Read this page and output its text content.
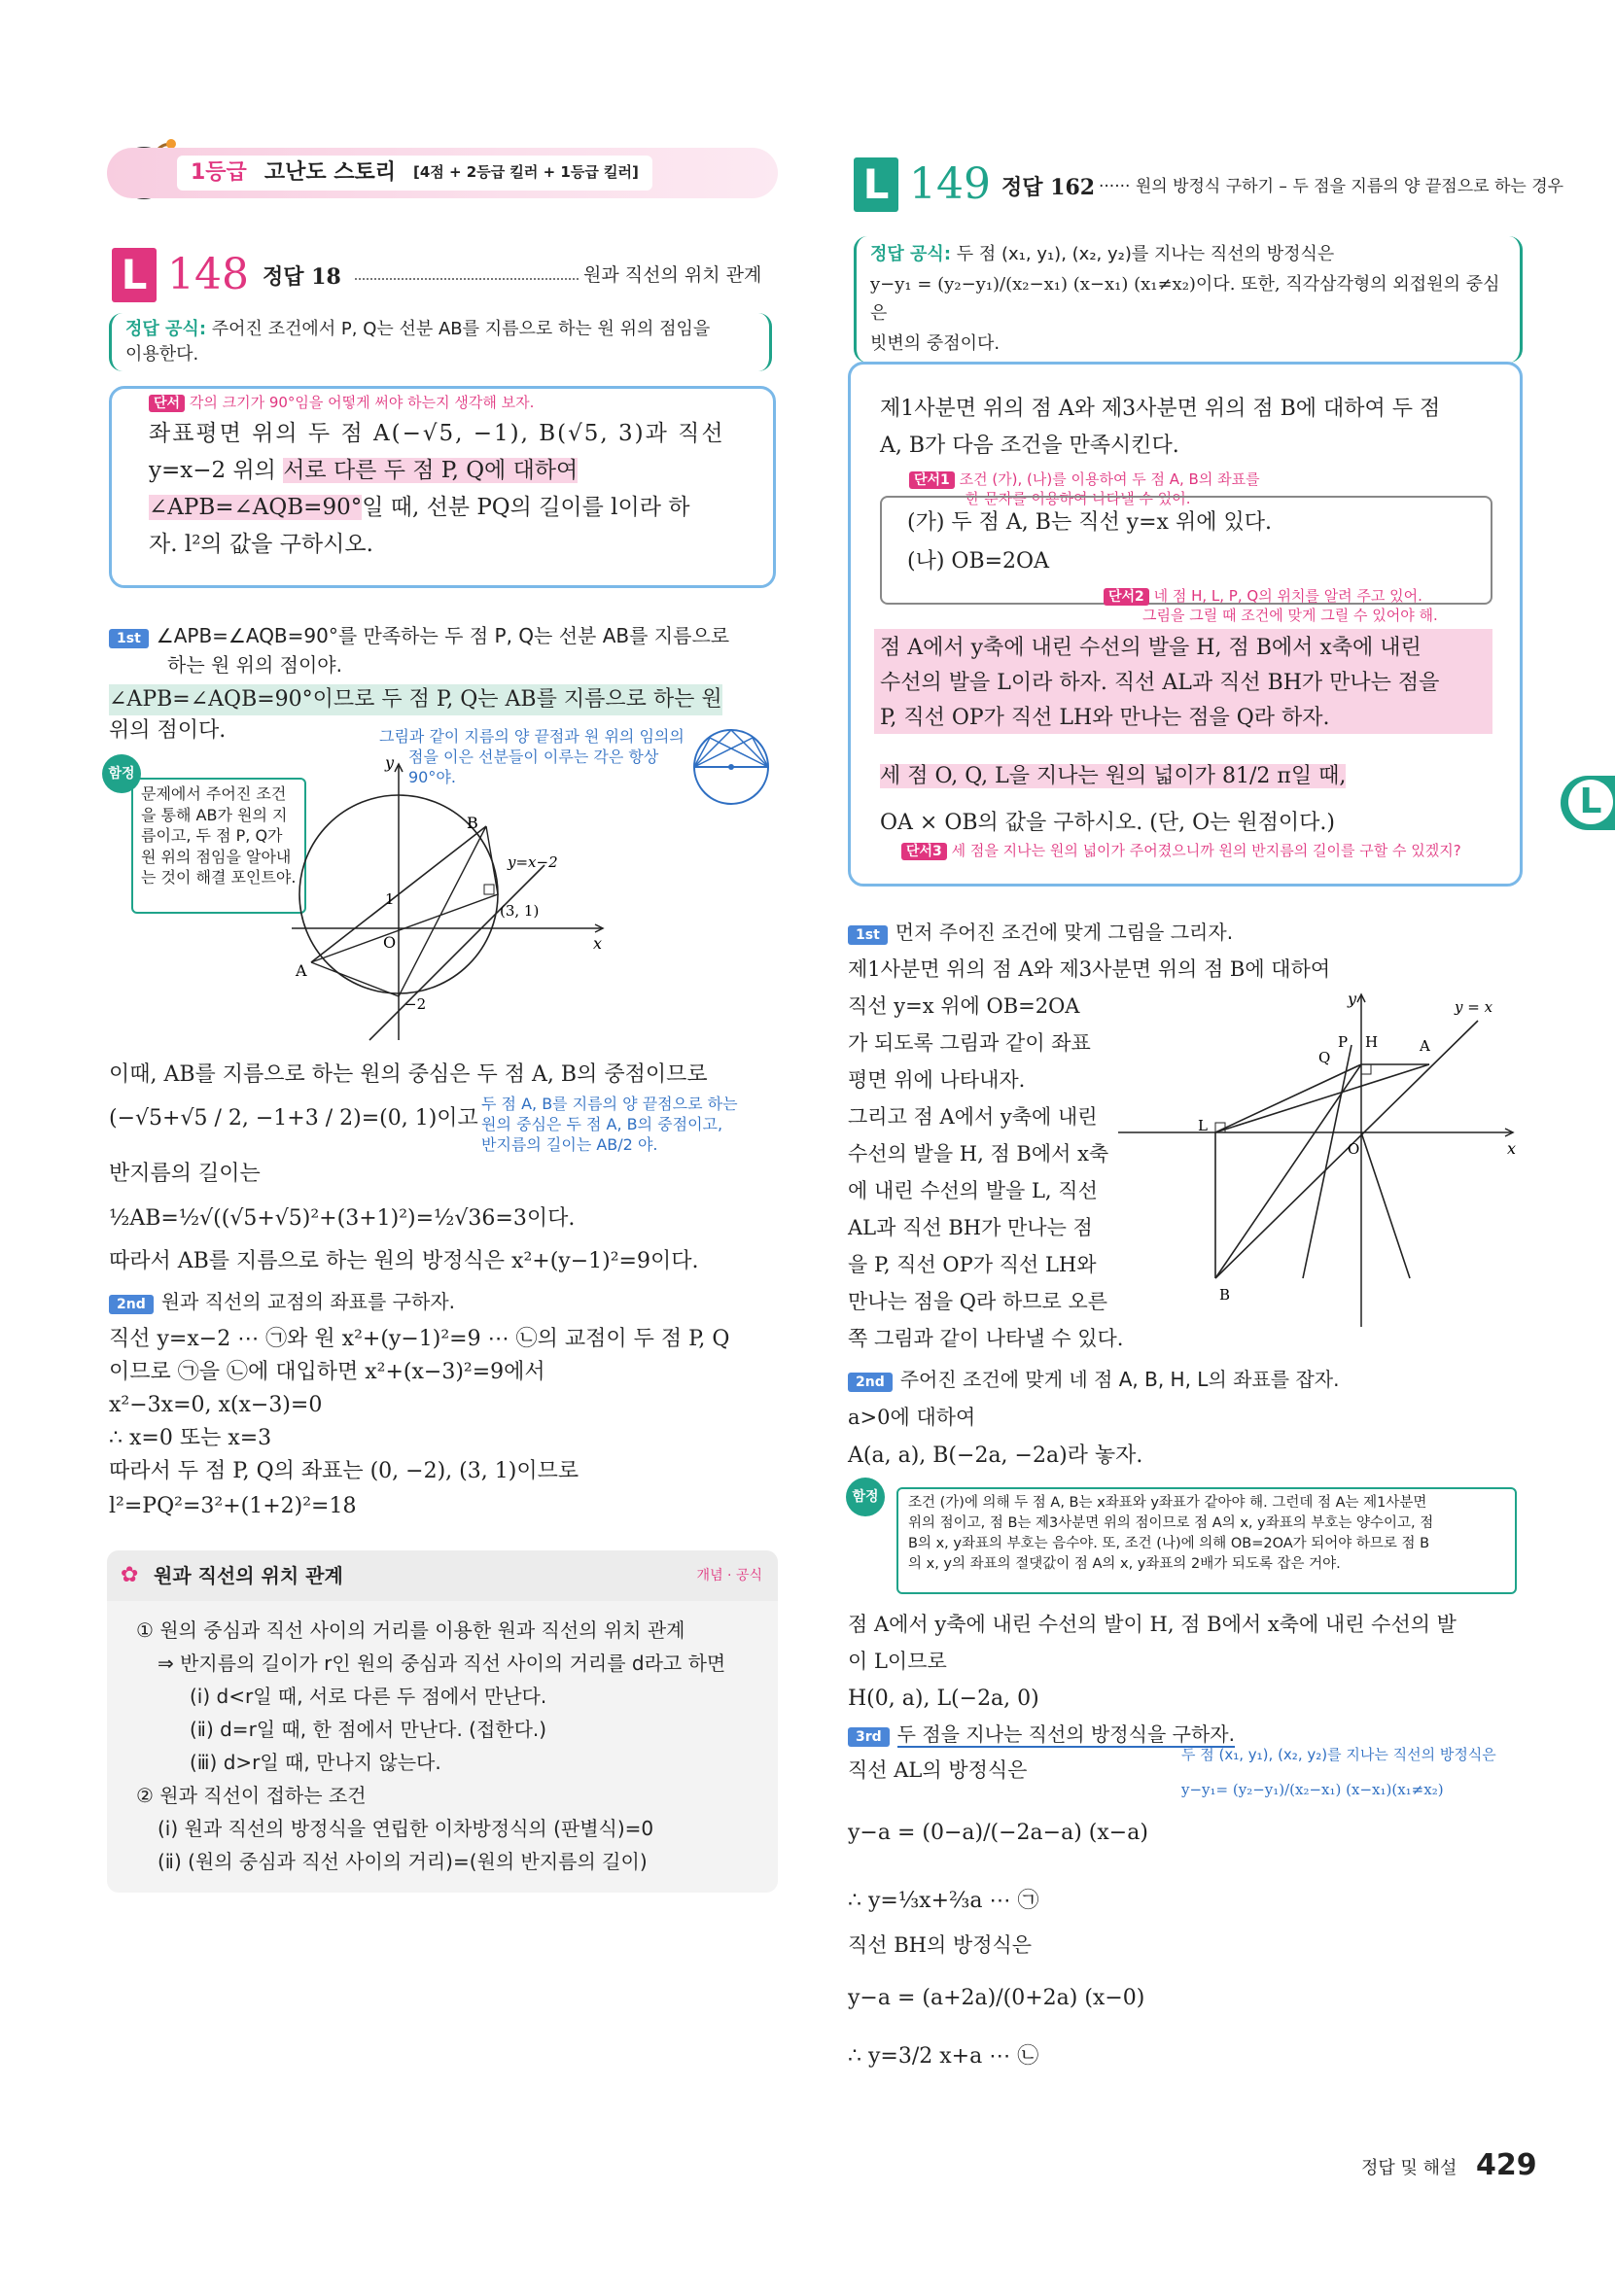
1등급 고난도 스토리 [4점 + 2등급 킬러 + 1등급 킬러]
L 148 정답 18	원과 직선의 위치 관계
정답 공식: 주어진 조건에서 P, Q는 선분 AB를 지름으로 하는 원 위의 점임을
이용한다.
단서 각의 크기가 90°임을 어떻게 써야 하는지 생각해 보자.
좌표평면 위의 두 점 A(−√5, −1), B(√5, 3)과 직선
y=x−2 위의 서로 다른 두 점 P, Q에 대하여
∠APB=∠AQB=90°일 때, 선분 PQ의 길이를 l이라 하
자. l²의 값을 구하시오.
1st ∠APB=∠AQB=90°를 만족하는 두 점 P, Q는 선분 AB를 지름으로
하는 원 위의 점이야.
∠APB=∠AQB=90°이므로 두 점 P, Q는 AB를 지름으로 하는 원
위의 점이다.	그림과 같이 지름의 양 끝점과 원 위의 임의의
점을 이은 선분들이 이루는 각은 항상
90°야.
함정
문제에서 주어진 조건
을 통해 AB가 원의 지
름이고, 두 점 P, Q가
원 위의 점임을 알아내
는 것이 해결 포인트야.
y
x
O
1
−2
B
A
y=x−2
(3, 1)
이때, AB를 지름으로 하는 원의 중심은 두 점 A, B의 중점이므로
(−√5+√5 / 2, −1+3 / 2)=(0, 1)이고
두 점 A, B를 지름의 양 끝점으로 하는
원의 중심은 두 점 A, B의 중점이고,
반지름의 길이는 AB/2 야.
반지름의 길이는
½AB=½√((√5+√5)²+(3+1)²)=½√36=3이다.
따라서 AB를 지름으로 하는 원의 방정식은 x²+(y−1)²=9이다.
2nd 원과 직선의 교점의 좌표를 구하자.
직선 y=x−2 ⋯ ㉠와 원 x²+(y−1)²=9 ⋯ ㉡의 교점이 두 점 P, Q
이므로 ㉠을 ㉡에 대입하면 x²+(x−3)²=9에서
x²−3x=0, x(x−3)=0
∴ x=0 또는 x=3
따라서 두 점 P, Q의 좌표는 (0, −2), (3, 1)이므로
l²=PQ²=3²+(1+2)²=18
✿ 원과 직선의 위치 관계	개념 · 공식
① 원의 중심과 직선 사이의 거리를 이용한 원과 직선의 위치 관계
⇒ 반지름의 길이가 r인 원의 중심과 직선 사이의 거리를 d라고 하면
(ⅰ) d<r일 때, 서로 다른 두 점에서 만난다.
(ⅱ) d=r일 때, 한 점에서 만난다. (접한다.)
(ⅲ) d>r일 때, 만나지 않는다.
② 원과 직선이 접하는 조건
(ⅰ) 원과 직선의 방정식을 연립한 이차방정식의 (판별식)=0
(ⅱ) (원의 중심과 직선 사이의 거리)=(원의 반지름의 길이)
L 149 정답 162 ······ 원의 방정식 구하기 – 두 점을 지름의 양 끝점으로 하는 경우
정답 공식: 두 점 (x₁, y₁), (x₂, y₂)를 지나는 직선의 방정식은
y−y₁ = (y₂−y₁)/(x₂−x₁) (x−x₁) (x₁≠x₂)이다. 또한, 직각삼각형의 외접원의 중심은
빗변의 중점이다.
제1사분면 위의 점 A와 제3사분면 위의 점 B에 대하여 두 점
A, B가 다음 조건을 만족시킨다.
단서1 조건 (가), (나)를 이용하여 두 점 A, B의 좌표를
한 문자를 이용하여 나타낼 수 있어.
(가) 두 점 A, B는 직선 y=x 위에 있다.
(나) OB=2OA
단서2 네 점 H, L, P, Q의 위치를 알려 주고 있어.
그림을 그릴 때 조건에 맞게 그릴 수 있어야 해.
점 A에서 y축에 내린 수선의 발을 H, 점 B에서 x축에 내린
수선의 발을 L이라 하자. 직선 AL과 직선 BH가 만나는 점을
P, 직선 OP가 직선 LH와 만나는 점을 Q라 하자.
세 점 O, Q, L을 지나는 원의 넓이가 81/2 π일 때,
OA × OB의 값을 구하시오. (단, O는 원점이다.)
단서3 세 점을 지나는 원의 넓이가 주어졌으니까 원의 반지름의 길이를 구할 수 있겠지?
1st 먼저 주어진 조건에 맞게 그림을 그리자.
제1사분면 위의 점 A와 제3사분면 위의 점 B에 대하여
직선 y=x 위에 OB=2OA
가 되도록 그림과 같이 좌표
평면 위에 나타내자.
그리고 점 A에서 y축에 내린
수선의 발을 H, 점 B에서 x축
에 내린 수선의 발을 L, 직선
AL과 직선 BH가 만나는 점
을 P, 직선 OP가 직선 LH와
만나는 점을 Q라 하므로 오른
쪽 그림과 같이 나타낼 수 있다.
y
x
O
y = x
Q
P H	A
L
B
2nd 주어진 조건에 맞게 네 점 A, B, H, L의 좌표를 잡자.
a>0에 대하여
A(a, a), B(−2a, −2a)라 놓자.
함정	조건 (가)에 의해 두 점 A, B는 x좌표와 y좌표가 같아야 해. 그런데 점 A는 제1사분면
위의 점이고, 점 B는 제3사분면 위의 점이므로 점 A의 x, y좌표의 부호는 양수이고, 점
B의 x, y좌표의 부호는 음수야. 또, 조건 (나)에 의해 OB=2OA가 되어야 하므로 점 B
의 x, y의 좌표의 절댓값이 점 A의 x, y좌표의 2배가 되도록 잡은 거야.
점 A에서 y축에 내린 수선의 발이 H, 점 B에서 x축에 내린 수선의 발
이 L이므로
H(0, a), L(−2a, 0)
3rd 두 점을 지나는 직선의 방정식을 구하자.
두 점 (x₁, y₁), (x₂, y₂)를 지나는 직선의 방정식은
y−y₁= (y₂−y₁)/(x₂−x₁) (x−x₁)(x₁≠x₂)
직선 AL의 방정식은
y−a = (0−a)/(−2a−a) (x−a)
∴ y=⅓x+⅔a ⋯ ㉠
직선 BH의 방정식은
y−a = (a+2a)/(0+2a) (x−0)
∴ y=3/2 x+a ⋯ ㉡
L
정답 및 해설 429
